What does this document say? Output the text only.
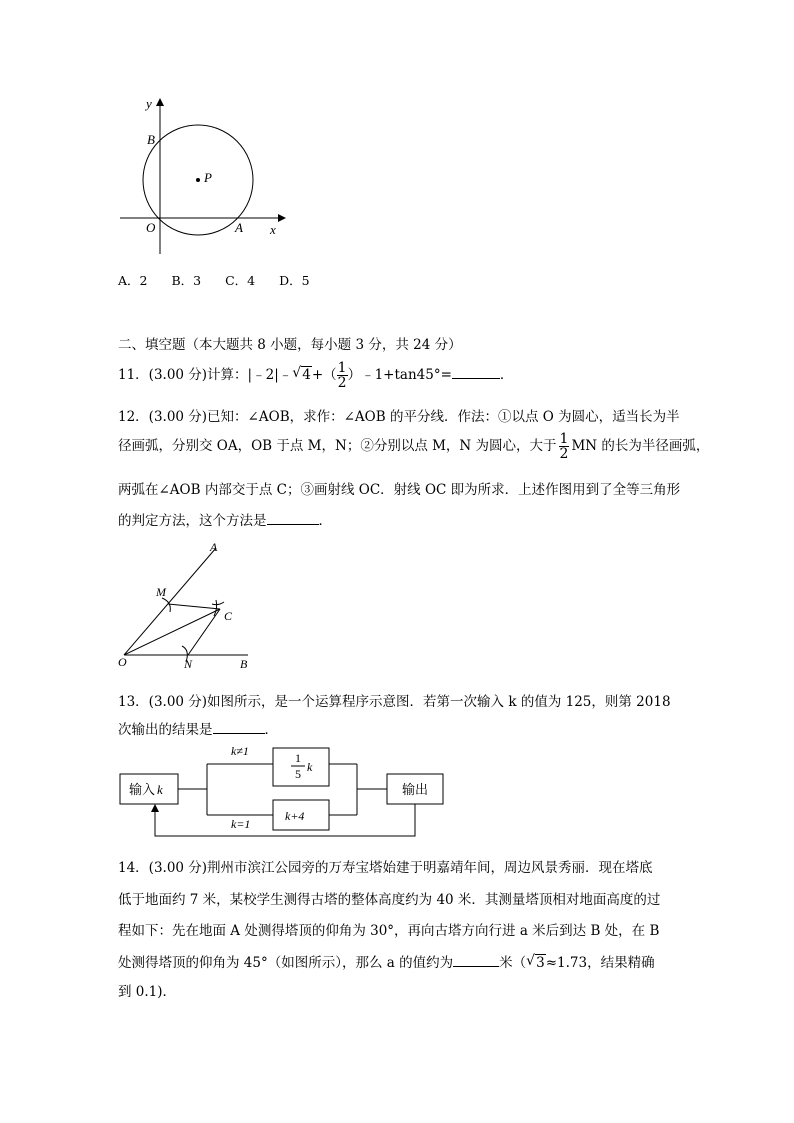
y
x
B
O	A
P
A．2 B．3 C．4 D．5
二、填空题（本大题共 8 小题，每小题 3 分，共 24 分）
11．(3.00 分)计算：|﹣2|﹣ √ $4+( \frac{1}{2}$ ）﹣1+tan45°=	．
12．(3.00 分)已知：∠AOB，求作：∠AOB 的平分线．作法：①以点 O 为圆心，适当长为半
径画弧，分别交 OA，OB 于点 M，N；②分别以点 M，N 为圆心，大于 $\frac{1}{2}$ MN 的长为半径画弧，
两弧在∠AOB 内部交于点 C；③画射线 OC．射线 OC 即为所求．上述作图用到了全等三角形
的判定方法，这个方法是	．
A
M
C
O	N	B
13．(3.00 分)如图所示，是一个运算程序示意图．若第一次输入 k 的值为 125，则第 2018
次输出的结果是	．
k≠1
k=1
输入 k	输出
1
5 k
k+4
14．(3.00 分)荆州市滨江公园旁的万寿宝塔始建于明嘉靖年间，周边风景秀丽．现在塔底
低于地面约 7 米，某校学生测得古塔的整体高度约为 40 米．其测量塔顶相对地面高度的过
程如下：先在地面 A 处测得塔顶的仰角为 30°，再向古塔方向行进 a 米后到达 B 处，在 B
处测得塔顶的仰角为 45°（如图所示），那么 a 的值约为	米（ √ 3≈1.73，结果精确
到 0.1)．
